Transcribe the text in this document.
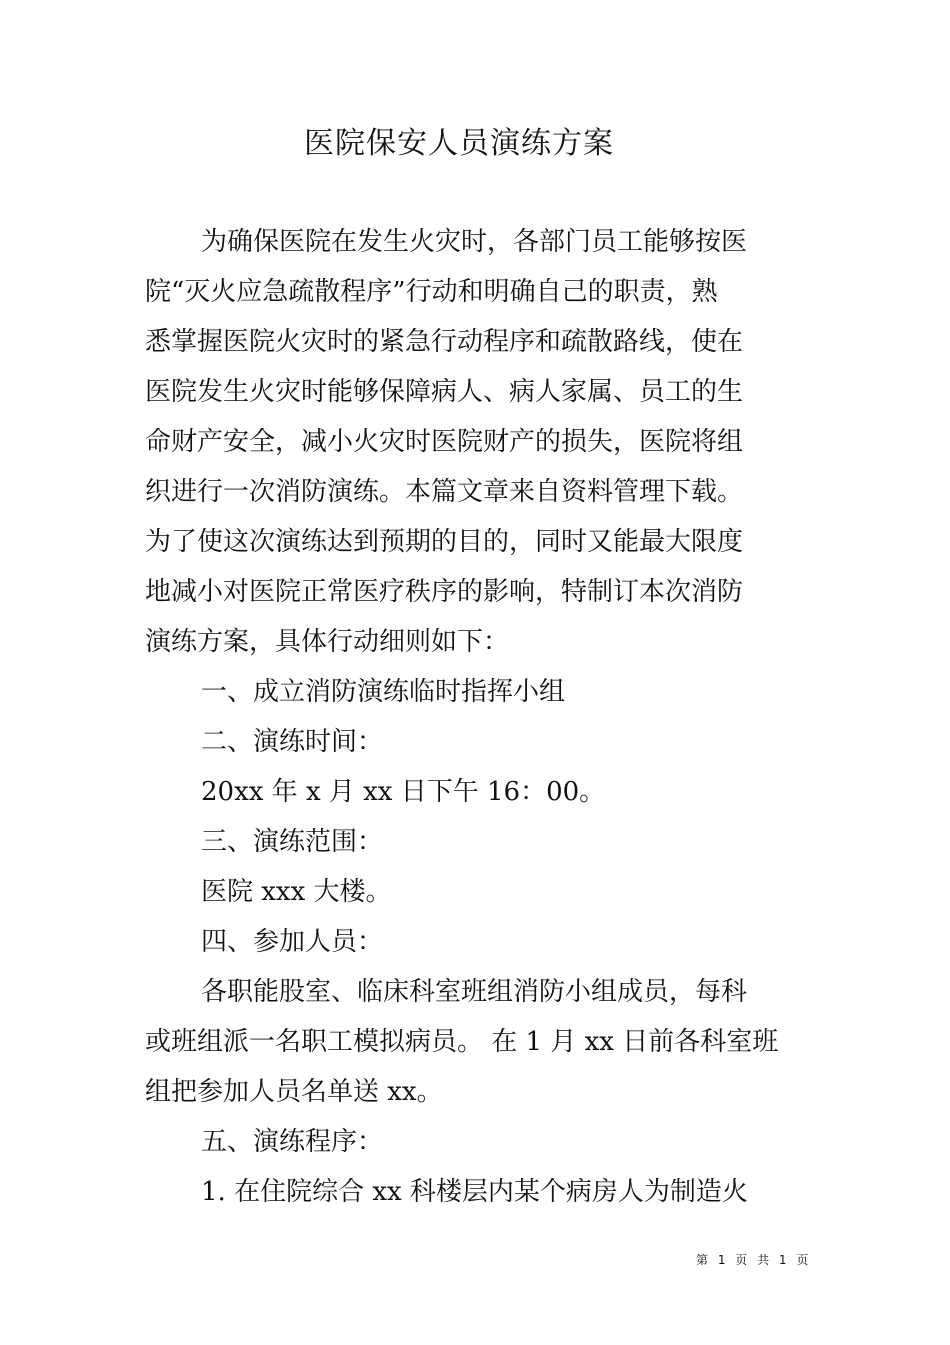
医院保安人员演练方案
为确保医院在发生火灾时，各部门员工能够按医
院“灭火应急疏散程序”行动和明确自己的职责，熟
悉掌握医院火灾时的紧急行动程序和疏散路线，使在
医院发生火灾时能够保障病人、病人家属、员工的生
命财产安全，减小火灾时医院财产的损失，医院将组
织进行一次消防演练。本篇文章来自资料管理下载。
为了使这次演练达到预期的目的，同时又能最大限度
地减小对医院正常医疗秩序的影响，特制订本次消防
演练方案，具体行动细则如下：
一、成立消防演练临时指挥小组
二、演练时间：
20xx 年 x 月 xx 日下午 16：00。
三、演练范围：
医院 xxx 大楼。
四、参加人员：
各职能股室、临床科室班组消防小组成员，每科
或班组派一名职工模拟病员。 在 1 月 xx 日前各科室班
组把参加人员名单送 xx。
五、演练程序：
1. 在住院综合 xx 科楼层内某个病房人为制造火
第 1 页 共 1 页
